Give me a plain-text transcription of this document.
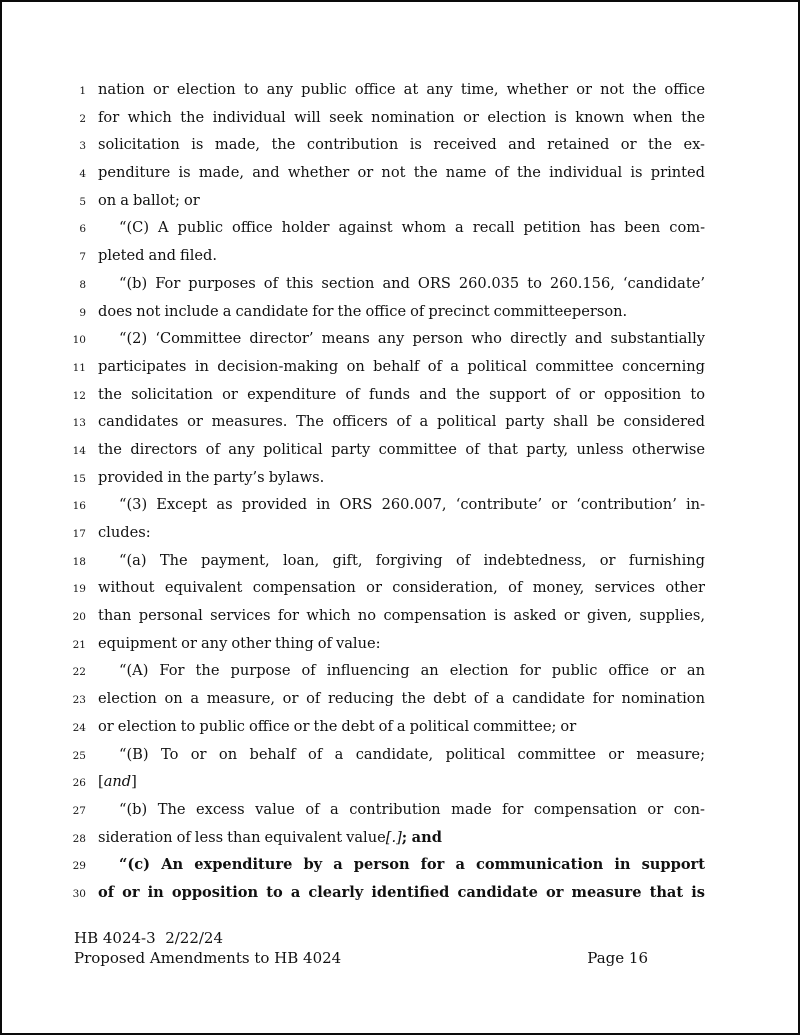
1 nation or election to any public office at any time, whether or not the office
2 for which the individual will seek nomination or election is known when the
3 solicitation is made, the contribution is received and retained or the ex-
4 penditure is made, and whether or not the name of the individual is printed
5 on a ballot; or
6	“(C) A public office holder against whom a recall petition has been com-
7 pleted and filed.
8	“(b) For purposes of this section and ORS 260.035 to 260.156, ‘candidate’
9 does not include a candidate for the office of precinct committeeperson.
10	“(2) ‘Committee director’ means any person who directly and substantially
11 participates in decision-making on behalf of a political committee concerning
12 the solicitation or expenditure of funds and the support of or opposition to
13 candidates or measures. The officers of a political party shall be considered
14 the directors of any political party committee of that party, unless otherwise
15 provided in the party’s bylaws.
16	“(3) Except as provided in ORS 260.007, ‘contribute’ or ‘contribution’ in-
17 cludes:
18	“(a) The payment, loan, gift, forgiving of indebtedness, or furnishing
19 without equivalent compensation or consideration, of money, services other
20 than personal services for which no compensation is asked or given, supplies,
21 equipment or any other thing of value:
22	“(A) For the purpose of influencing an election for public office or an
23 election on a measure, or of reducing the debt of a candidate for nomination
24 or election to public office or the debt of a political committee; or
25	“(B) To or on behalf of a candidate, political committee or measure;
26 [and]
27	“(b) The excess value of a contribution made for compensation or con-
28 sideration of less than equivalent value[.]; and
29	“(c) An expenditure by a person for a communication in support
30 of or in opposition to a clearly identified candidate or measure that is
HB 4024-3  2/22/24
Proposed Amendments to HB 4024	Page 16
